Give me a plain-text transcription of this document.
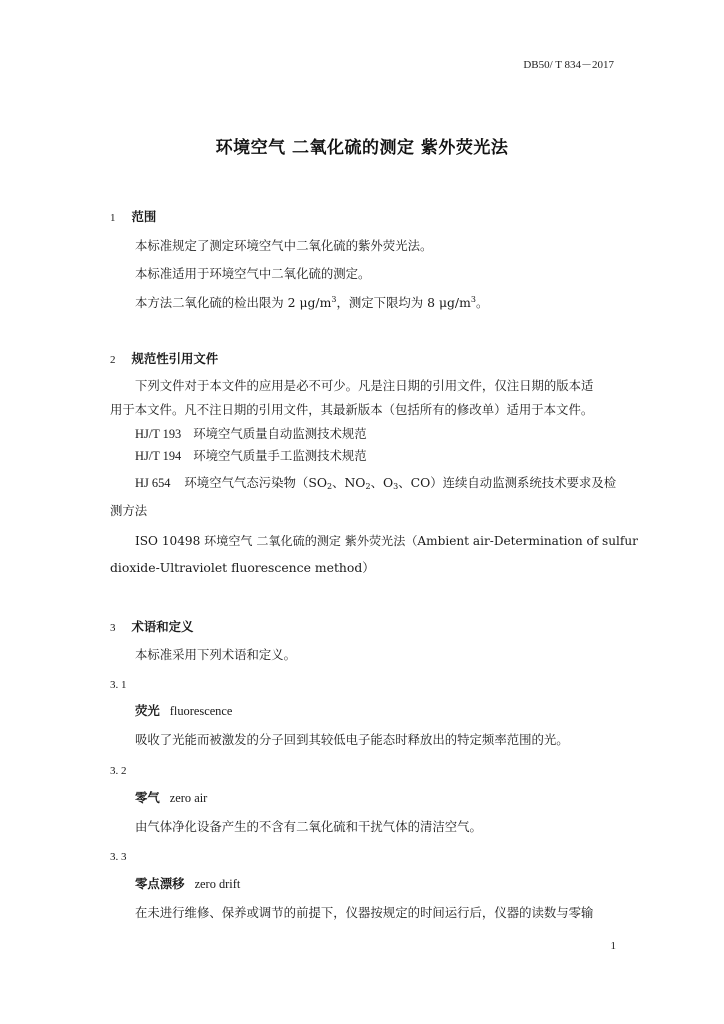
DB50/ T 834－2017
环境空气 二氧化硫的测定 紫外荧光法
1 范围
本标准规定了测定环境空气中二氧化硫的紫外荧光法。
本标准适用于环境空气中二氧化硫的测定。
本方法二氧化硫的检出限为 2 $\mu g/m^3$，测定下限均为 8 $\mu g/m^3$。
2 规范性引用文件
下列文件对于本文件的应用是必不可少。凡是注日期的引用文件，仅注日期的版本适
用于本文件。凡不注日期的引用文件，其最新版本（包括所有的修改单）适用于本文件。
HJ/T 193 环境空气质量自动监测技术规范
HJ/T 194 环境空气质量手工监测技术规范
HJ 654 环境空气气态污染物（$SO_2$、$NO_2$、$O_3$、CO）连续自动监测系统技术要求及检
测方法
ISO 10498 环境空气 二氧化硫的测定 紫外荧光法（Ambient air-Determination of sulfur
dioxide-Ultraviolet fluorescence method）
3 术语和定义
本标准采用下列术语和定义。
3. 1
荧光 fluorescence
吸收了光能而被激发的分子回到其较低电子能态时释放出的特定频率范围的光。
3. 2
零气 zero air
由气体净化设备产生的不含有二氧化硫和干扰气体的清洁空气。
3. 3
零点漂移 zero drift
在未进行维修、保养或调节的前提下，仪器按规定的时间运行后，仪器的读数与零输
1
